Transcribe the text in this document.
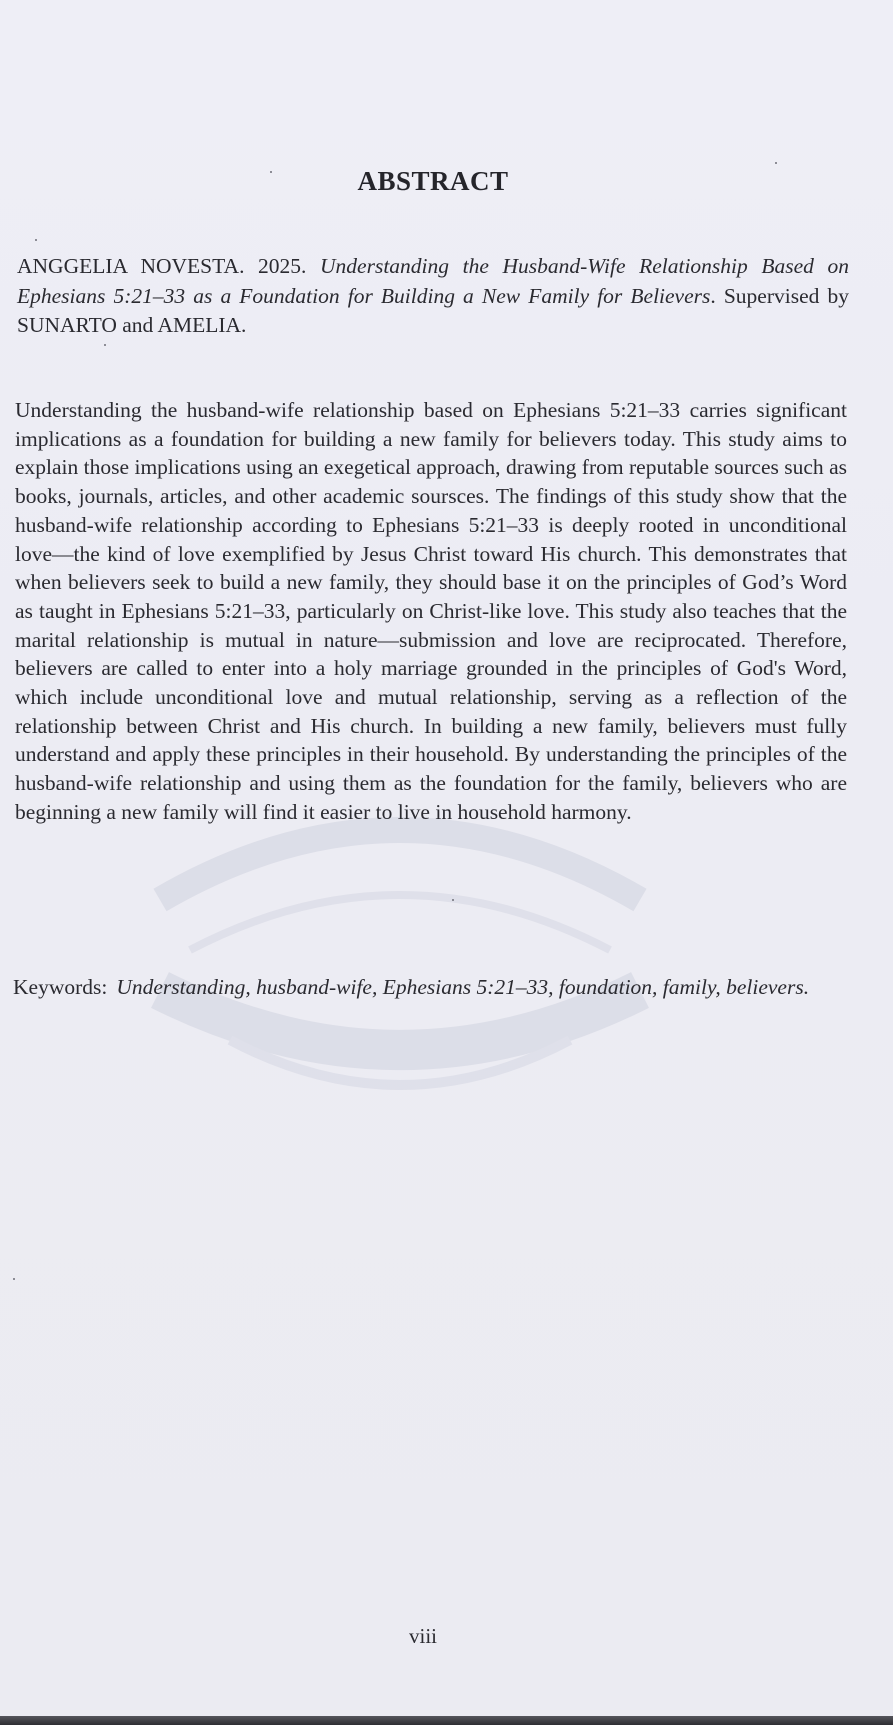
ABSTRACT
ANGGELIA NOVESTA. 2025. Understanding the Husband-Wife Relationship Based on Ephesians 5:21–33 as a Foundation for Building a New Family for Believers. Supervised by SUNARTO and AMELIA.
Understanding the husband-wife relationship based on Ephesians 5:21–33 carries significant implications as a foundation for building a new family for believers today. This study aims to explain those implications using an exegetical approach, drawing from reputable sources such as books, journals, articles, and other academic soursces. The findings of this study show that the husband-wife relationship according to Ephesians 5:21–33 is deeply rooted in unconditional love—the kind of love exemplified by Jesus Christ toward His church. This demonstrates that when believers seek to build a new family, they should base it on the principles of God’s Word as taught in Ephesians 5:21–33, particularly on Christ-like love. This study also teaches that the marital relationship is mutual in nature—submission and love are reciprocated. Therefore, believers are called to enter into a holy marriage grounded in the principles of God's Word, which include unconditional love and mutual relationship, serving as a reflection of the relationship between Christ and His church. In building a new family, believers must fully understand and apply these principles in their household. By understanding the principles of the husband-wife relationship and using them as the foundation for the family, believers who are beginning a new family will find it easier to live in household harmony.
Keywords: Understanding, husband-wife, Ephesians 5:21–33, foundation, family, believers.
viii
